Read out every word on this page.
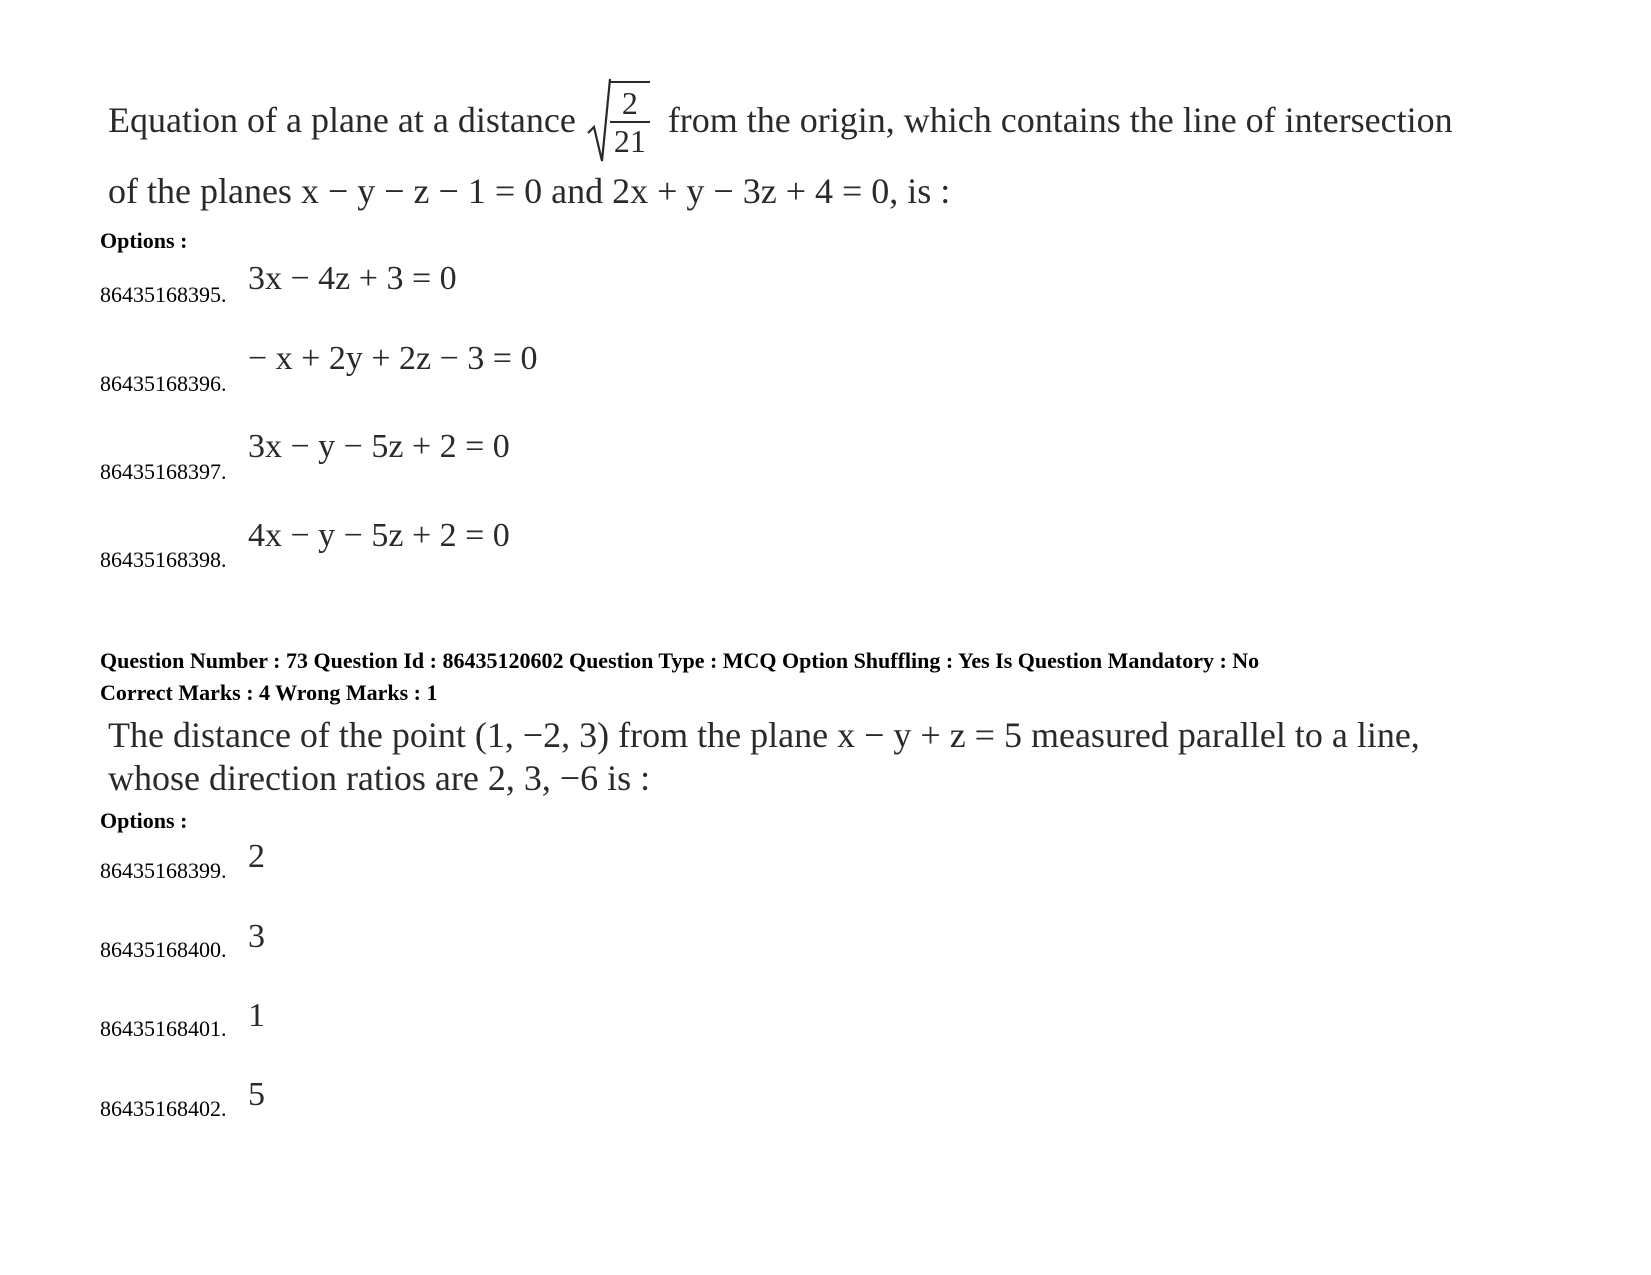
Equation of a plane at a distance $\frac{2}{21}$ from the origin, which contains the line of intersection
of the planes x − y − z − 1 = 0 and 2x + y − 3z + 4 = 0, is :
Options :
86435168395. 3x − 4z + 3 = 0
86435168396.
− x + 2y + 2z − 3 = 0
86435168397.
3x − y − 5z + 2 = 0
86435168398.
4x − y − 5z + 2 = 0
Question Number : 73 Question Id : 86435120602 Question Type : MCQ Option Shuffling : Yes Is Question Mandatory : No
Correct Marks : 4 Wrong Marks : 1
The distance of the point (1, −2, 3) from the plane x − y + z = 5 measured parallel to a line,
whose direction ratios are 2, 3, −6 is :
Options :
86435168399. 2
86435168400. 3
86435168401. 1
86435168402. 5
